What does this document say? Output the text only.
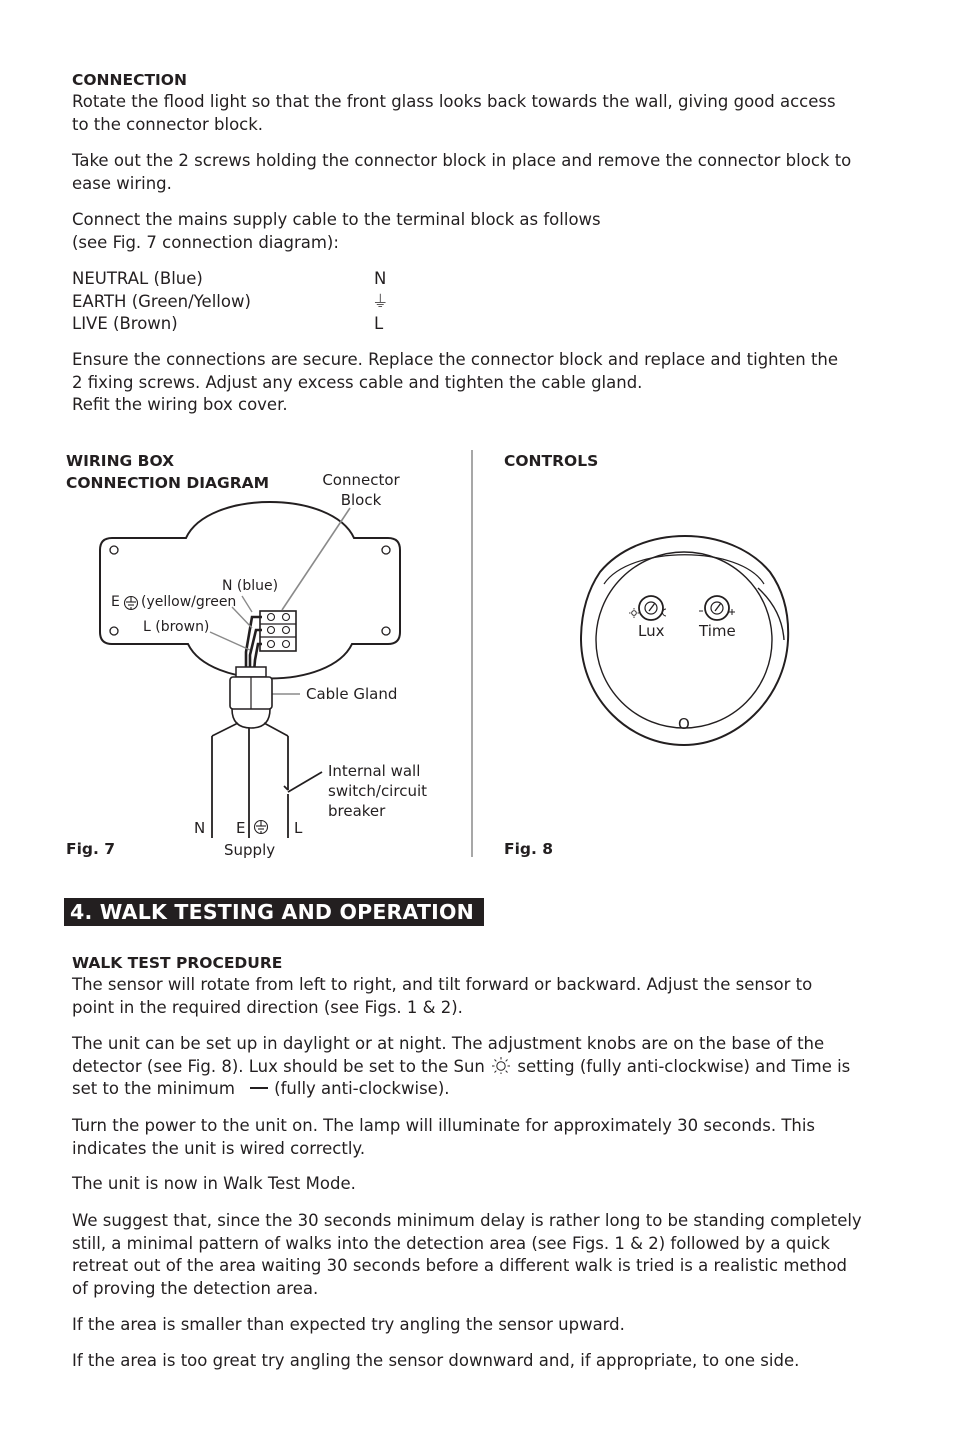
CONNECTION
Rotate the flood light so that the front glass looks back towards the wall, giving good access
to the connector block.
Take out the 2 screws holding the connector block in place and remove the connector block to
ease wiring.
Connect the mains supply cable to the terminal block as follows
(see Fig. 7 connection diagram):
NEUTRAL (Blue)	N
EARTH (Green/Yellow)	⏚
LIVE (Brown)	L
Ensure the connections are secure. Replace the connector block and replace and tighten the
2 fixing screws. Adjust any excess cable and tighten the cable gland.
Refit the wiring box cover.
WIRING BOX
CONNECTION DIAGRAM	Connector
Block
N (blue)
E (yellow/green
L (brown)
Cable Gland
Internal wall
switch/circuit
breaker
N E	L
Supply
Fig. 7
CONTROLS
Lux Time
O
Fig. 8
4. WALK TESTING AND OPERATION
WALK TEST PROCEDURE
The sensor will rotate from left to right, and tilt forward or backward. Adjust the sensor to
point in the required direction (see Figs. 1 & 2).
The unit can be set up in daylight or at night. The adjustment knobs are on the base of the
detector (see Fig. 8). Lux should be set to the Sun setting (fully anti-clockwise) and Time is
set to the minimum (fully anti-clockwise).
Turn the power to the unit on. The lamp will illuminate for approximately 30 seconds. This
indicates the unit is wired correctly.
The unit is now in Walk Test Mode.
We suggest that, since the 30 seconds minimum delay is rather long to be standing completely
still, a minimal pattern of walks into the detection area (see Figs. 1 & 2) followed by a quick
retreat out of the area waiting 30 seconds before a different walk is tried is a realistic method
of proving the detection area.
If the area is smaller than expected try angling the sensor upward.
If the area is too great try angling the sensor downward and, if appropriate, to one side.
